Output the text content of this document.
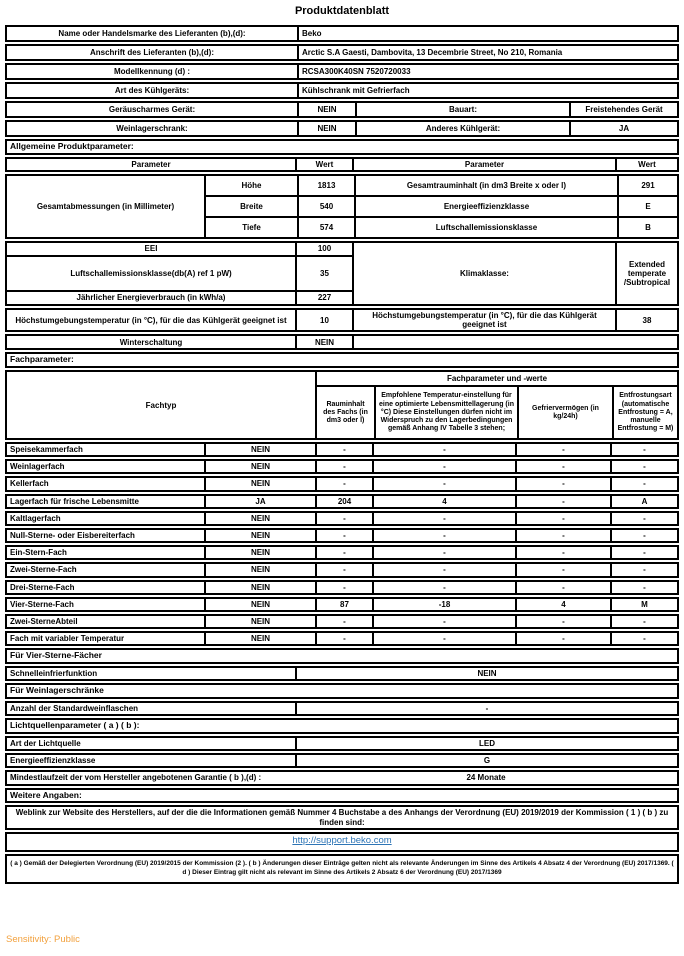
Produktdatenblatt
Name oder Handelsmarke des Lieferanten (b),(d):	Beko
Anschrift des Lieferanten (b),(d):	Arctic S.A Gaesti, Dambovita, 13 Decembrie Street, No 210, Romania
Modellkennung (d) :	RCSA300K40SN 7520720033
Art des Kühlgeräts:	Kühlschrank mit Gefrierfach
Geräuscharmes Gerät:	NEIN	Bauart:	Freistehendes Gerät
Weinlagerschrank:	NEIN	Anderes Kühlgerät:	JA
Allgemeine Produktparameter:
Parameter	Wert	Parameter	Wert
Gesamtabmessungen (in Millimeter)
Höhe	1813	Gesamtrauminhalt (in dm3 Breite x oder l)	291
Breite	540	Energieeffizienzklasse	E
Tiefe	574	Luftschallemissionsklasse	B
EEI	100
Luftschallemissionsklasse(db(A) ref 1 pW)	35
Jährlicher Energieverbrauch (in kWh/a)	227
Klimaklasse:
Extended temperate /Subtropical
Höchstumgebungstemperatur (in °C), für die das Kühlgerät geeignet ist	10
Höchstumgebungstemperatur (in °C), für die das Kühlgerät geeignet ist
38
Winterschaltung	NEIN
Fachparameter:
Fachtyp
Fachparameter und -werte
Rauminhalt des Fachs (in dm3 oder l)
Empfohlene Temperatur-einstellung für eine optimierte Lebensmittellagerung (in °C) Diese Einstellungen dürfen nicht im Widerspruch zu den Lagerbedingungen gemäß Anhang IV Tabelle 3 stehen;
Gefriervermögen (in kg/24h)
Entfrostungsart (automatische Entfrostung = A, manuelle Entfrostung = M)
Speisekammerfach	NEIN	-	-	-	-
Weinlagerfach	NEIN	-	-	-	-
Kellerfach	NEIN	-	-	-	-
Lagerfach für frische Lebensmitte	JA	204	4	-	A
Kaltlagerfach	NEIN	-	-	-	-
Null-Sterne- oder Eisbereiterfach	NEIN	-	-	-	-
Ein-Stern-Fach	NEIN	-	-	-	-
Zwei-Sterne-Fach	NEIN	-	-	-	-
Drei-Sterne-Fach	NEIN	-	-	-	-
Vier-Sterne-Fach	NEIN	87	-18	4	M
Zwei-SterneAbteil	NEIN	-	-	-	-
Fach mit variabler Temperatur	NEIN	-	-	-	-
Für Vier-Sterne-Fächer
Schnelleinfrierfunktion	NEIN
Für Weinlagerschränke
Anzahl der Standardweinflaschen	-
Lichtquellenparameter ( a ) ( b ):
Art der Lichtquelle	LED
Energieeffizienzklasse	G
Mindestlaufzeit der vom Hersteller angebotenen Garantie ( b ),(d) :	24 Monate
Weitere Angaben:
Weblink zur Website des Herstellers, auf der die die Informationen gemäß Nummer 4 Buchstabe a des Anhangs der Verordnung (EU) 2019/2019 der Kommission ( 1 ) ( b ) zu finden sind:
http://support.beko.com
( a ) Gemäß der Delegierten Verordnung (EU) 2019/2015 der Kommission (2 ). ( b ) Änderungen dieser Einträge gelten nicht als relevante Änderungen im Sinne des Artikels 4 Absatz 4 der Verordnung (EU) 2017/1369. ( d ) Dieser Eintrag gilt nicht als relevant im Sinne des Artikels 2 Absatz 6 der Verordnung (EU) 2017/1369
Sensitivity: Public
